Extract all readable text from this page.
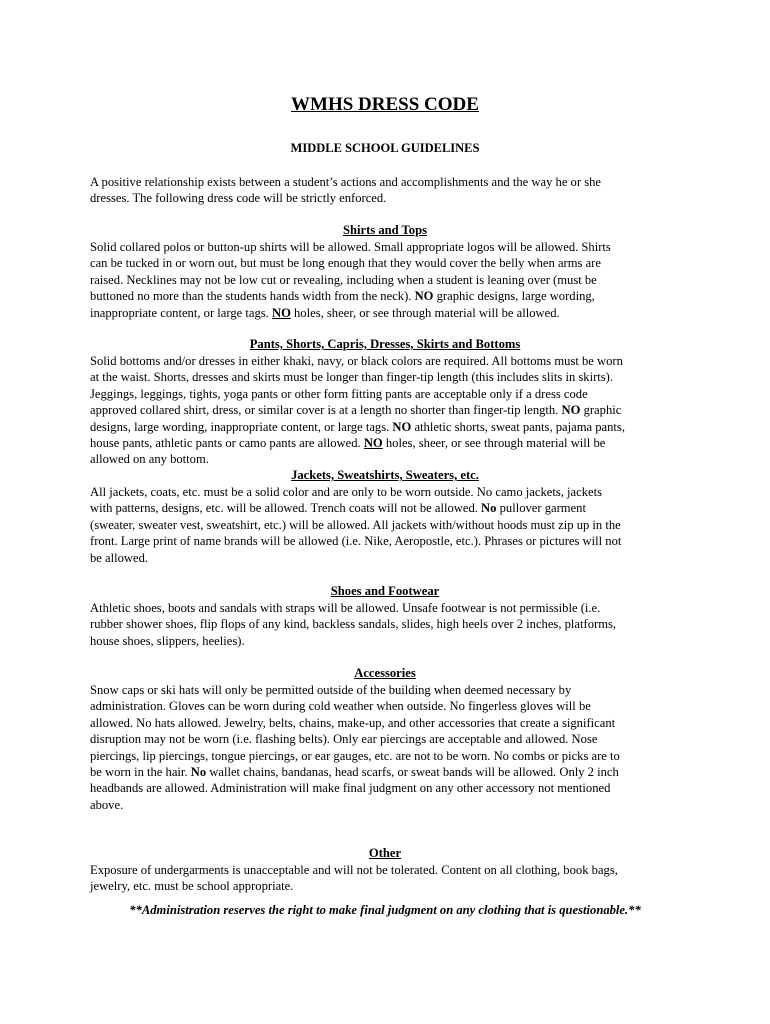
WMHS DRESS CODE
MIDDLE SCHOOL GUIDELINES
A positive relationship exists between a student’s actions and accomplishments and the way he or she
dresses. The following dress code will be strictly enforced.
Shirts and Tops
Solid collared polos or button-up shirts will be allowed. Small appropriate logos will be allowed. Shirts
can be tucked in or worn out, but must be long enough that they would cover the belly when arms are
raised. Necklines may not be low cut or revealing, including when a student is leaning over (must be
buttoned no more than the students hands width from the neck). NO graphic designs, large wording,
inappropriate content, or large tags. NO holes, sheer, or see through material will be allowed.
Pants, Shorts, Capris, Dresses, Skirts and Bottoms
Solid bottoms and/or dresses in either khaki, navy, or black colors are required. All bottoms must be worn
at the waist. Shorts, dresses and skirts must be longer than finger-tip length (this includes slits in skirts).
Jeggings, leggings, tights, yoga pants or other form fitting pants are acceptable only if a dress code
approved collared shirt, dress, or similar cover is at a length no shorter than finger-tip length. NO graphic
designs, large wording, inappropriate content, or large tags. NO athletic shorts, sweat pants, pajama pants,
house pants, athletic pants or camo pants are allowed. NO holes, sheer, or see through material will be
allowed on any bottom.
Jackets, Sweatshirts, Sweaters, etc.
All jackets, coats, etc. must be a solid color and are only to be worn outside. No camo jackets, jackets
with patterns, designs, etc. will be allowed. Trench coats will not be allowed. No pullover garment
(sweater, sweater vest, sweatshirt, etc.) will be allowed. All jackets with/without hoods must zip up in the
front. Large print of name brands will be allowed (i.e. Nike, Aeropostle, etc.). Phrases or pictures will not
be allowed.
Shoes and Footwear
Athletic shoes, boots and sandals with straps will be allowed. Unsafe footwear is not permissible (i.e.
rubber shower shoes, flip flops of any kind, backless sandals, slides, high heels over 2 inches, platforms,
house shoes, slippers, heelies).
Accessories
Snow caps or ski hats will only be permitted outside of the building when deemed necessary by
administration. Gloves can be worn during cold weather when outside. No fingerless gloves will be
allowed. No hats allowed. Jewelry, belts, chains, make-up, and other accessories that create a significant
disruption may not be worn (i.e. flashing belts). Only ear piercings are acceptable and allowed. Nose
piercings, lip piercings, tongue piercings, or ear gauges, etc. are not to be worn. No combs or picks are to
be worn in the hair. No wallet chains, bandanas, head scarfs, or sweat bands will be allowed. Only 2 inch
headbands are allowed. Administration will make final judgment on any other accessory not mentioned
above.
Other
Exposure of undergarments is unacceptable and will not be tolerated. Content on all clothing, book bags,
jewelry, etc. must be school appropriate.
**Administration reserves the right to make final judgment on any clothing that is questionable.**
